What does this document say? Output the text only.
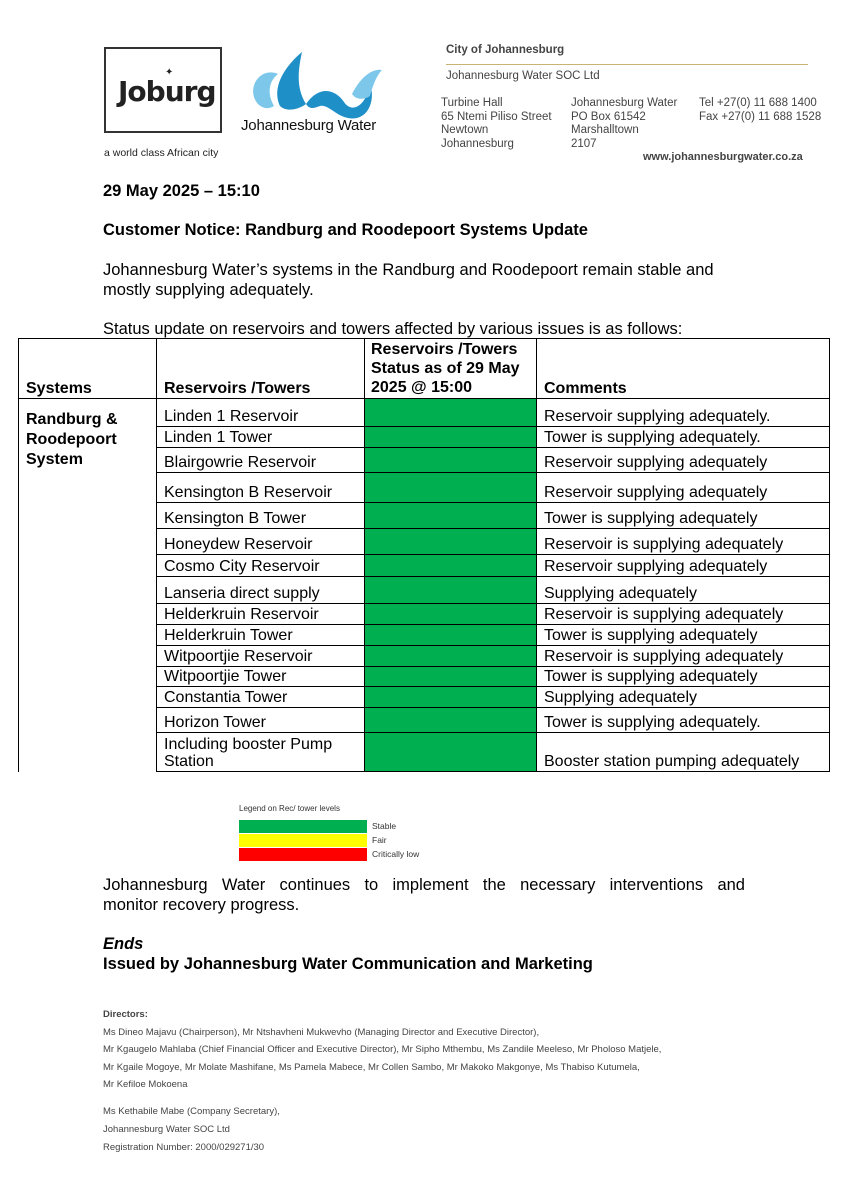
✦
Joburg
a world class African city
Johannesburg Water
City of Johannesburg
Johannesburg Water SOC Ltd
Turbine Hall
65 Ntemi Piliso Street
Newtown
Johannesburg
Johannesburg Water
PO Box 61542
Marshalltown
2107
Tel +27(0) 11 688 1400
Fax +27(0) 11 688 1528
www.johannesburgwater.co.za
29 May 2025 – 15:10
Customer Notice: Randburg and Roodepoort Systems Update
Johannesburg Water’s systems in the Randburg and Roodepoort remain stable and
mostly supplying adequately.
Status update on reservoirs and towers affected by various issues is as follows:
Systems	Reservoirs /Towers	Reservoirs /Towers
Status as of 29 May
2025 @ 15:00	Comments

Randburg &
Roodepoort
System	Linden 1 Reservoir		Reservoir supplying adequately.
	Linden 1 Tower		Tower is supplying adequately.
	Blairgowrie Reservoir		Reservoir supplying adequately
	Kensington B Reservoir		Reservoir supplying adequately
	Kensington B Tower		Tower is supplying adequately
	Honeydew Reservoir		Reservoir is supplying adequately
	Cosmo City Reservoir		Reservoir supplying adequately
	Lanseria direct supply		Supplying adequately
	Helderkruin Reservoir		Reservoir is supplying adequately
	Helderkruin Tower		Tower is supplying adequately
	Witpoortjie Reservoir		Reservoir is supplying adequately
	Witpoortjie Tower		Tower is supplying adequately
	Constantia Tower		Supplying adequately
	Horizon Tower		Tower is supplying adequately.

	Including booster Pump
Station		Booster station pumping adequately
Legend on Rec/ tower levels
Stable
Fair
Critically low
Johannesburg Water continues to implement the necessary interventions and
monitor recovery progress.
Ends
Issued by Johannesburg Water Communication and Marketing
Directors:
Ms Dineo Majavu (Chairperson), Mr Ntshavheni Mukwevho (Managing Director and Executive Director),
Mr Kgaugelo Mahlaba (Chief Financial Officer and Executive Director), Mr Sipho Mthembu, Ms Zandile Meeleso, Mr Pholoso Matjele,
Mr Kgaile Mogoye, Mr Molate Mashifane, Ms Pamela Mabece, Mr Collen Sambo, Mr Makoko Makgonye, Ms Thabiso Kutumela,
Mr Kefiloe Mokoena
Ms Kethabile Mabe (Company Secretary),
Johannesburg Water SOC Ltd
Registration Number: 2000/029271/30
